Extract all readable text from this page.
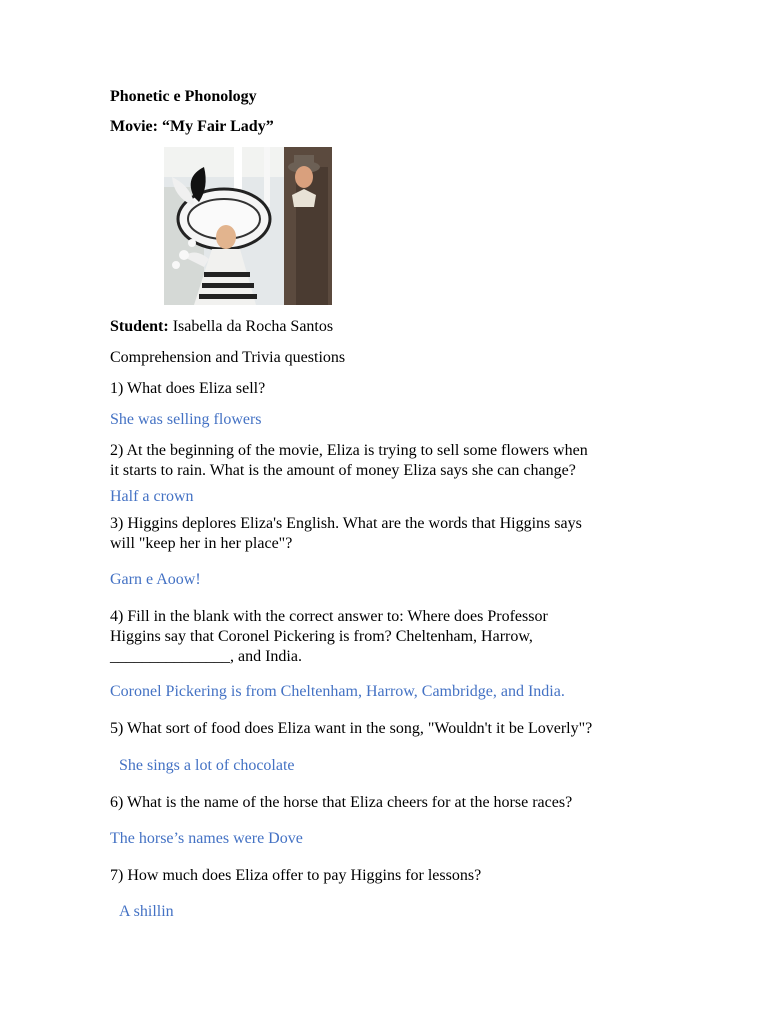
Phonetic e Phonology
Movie: “My Fair Lady”
Student: Isabella da Rocha Santos
Comprehension and Trivia questions
1) What does Eliza sell?
She was selling flowers
2) At the beginning of the movie, Eliza is trying to sell some flowers when
it starts to rain. What is the amount of money Eliza says she can change?
Half a crown
3) Higgins deplores Eliza's English. What are the words that Higgins says
will "keep her in her place"?
Garn e Aoow!
4) Fill in the blank with the correct answer to: Where does Professor
Higgins say that Coronel Pickering is from? Cheltenham, Harrow,
_______________, and India.
Coronel Pickering is from Cheltenham, Harrow, Cambridge, and India.
5) What sort of food does Eliza want in the song, "Wouldn't it be Loverly"?
She sings a lot of chocolate
6) What is the name of the horse that Eliza cheers for at the horse races?
The horse’s names were Dove
7) How much does Eliza offer to pay Higgins for lessons?
A shillin
